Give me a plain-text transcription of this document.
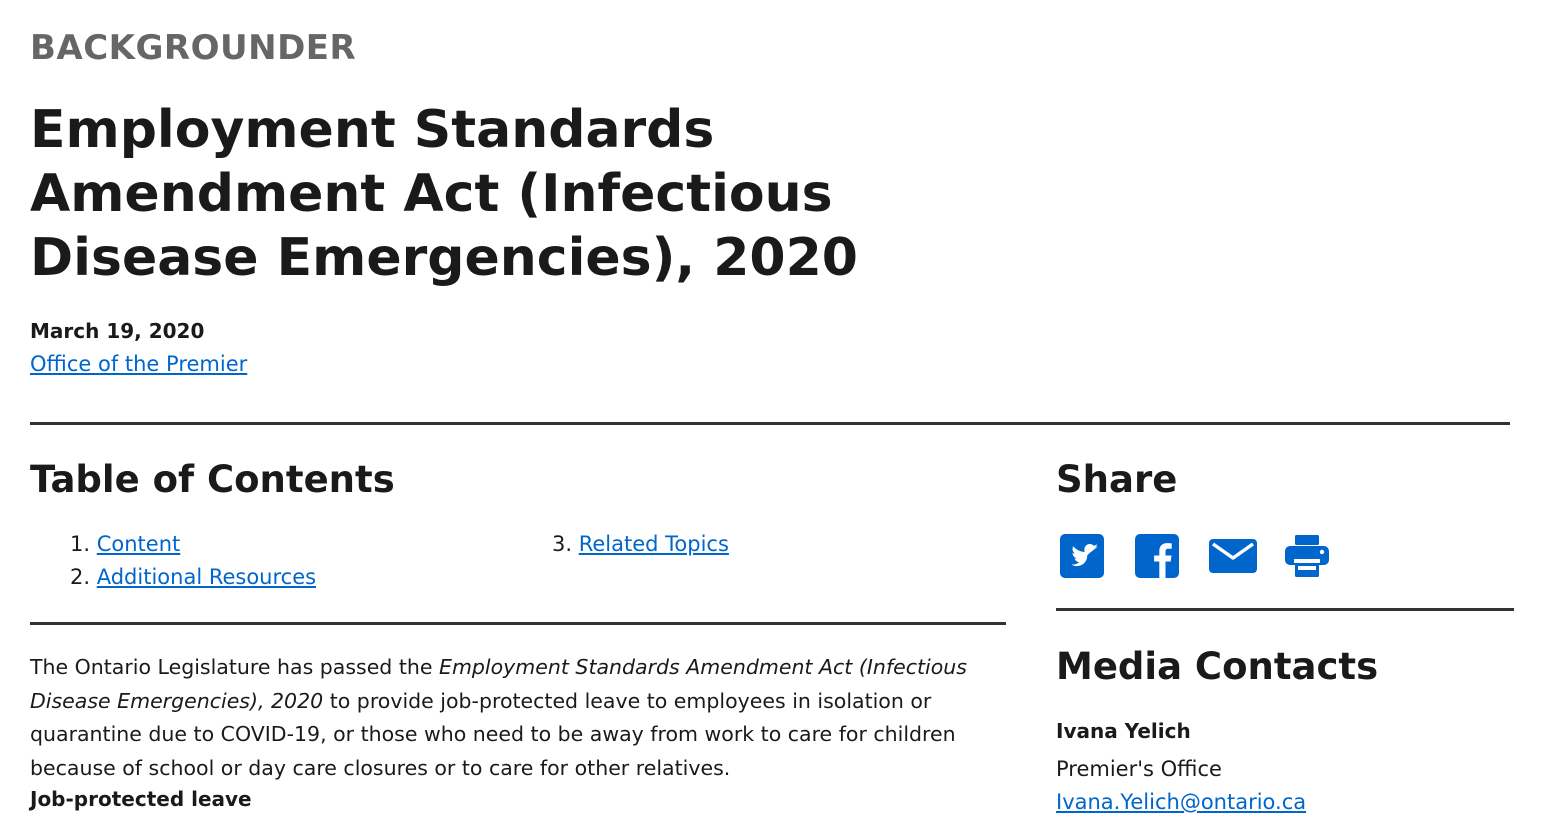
BACKGROUNDER
Employment Standards Amendment Act (Infectious Disease Emergencies), 2020
March 19, 2020
Office of the Premier
Table of Contents
1. Content
2. Additional Resources
3. Related Topics

The Ontario Legislature has passed the Employment Standards Amendment Act (Infectious Disease Emergencies), 2020 to provide job-protected leave to employees in isolation or quarantine due to COVID-19, or those who need to be away from work to care for children because of school or day care closures or to care for other relatives.

Job-protected leave
Share
Media Contacts
Ivana Yelich
Premier's Office
Ivana.Yelich@ontario.ca
